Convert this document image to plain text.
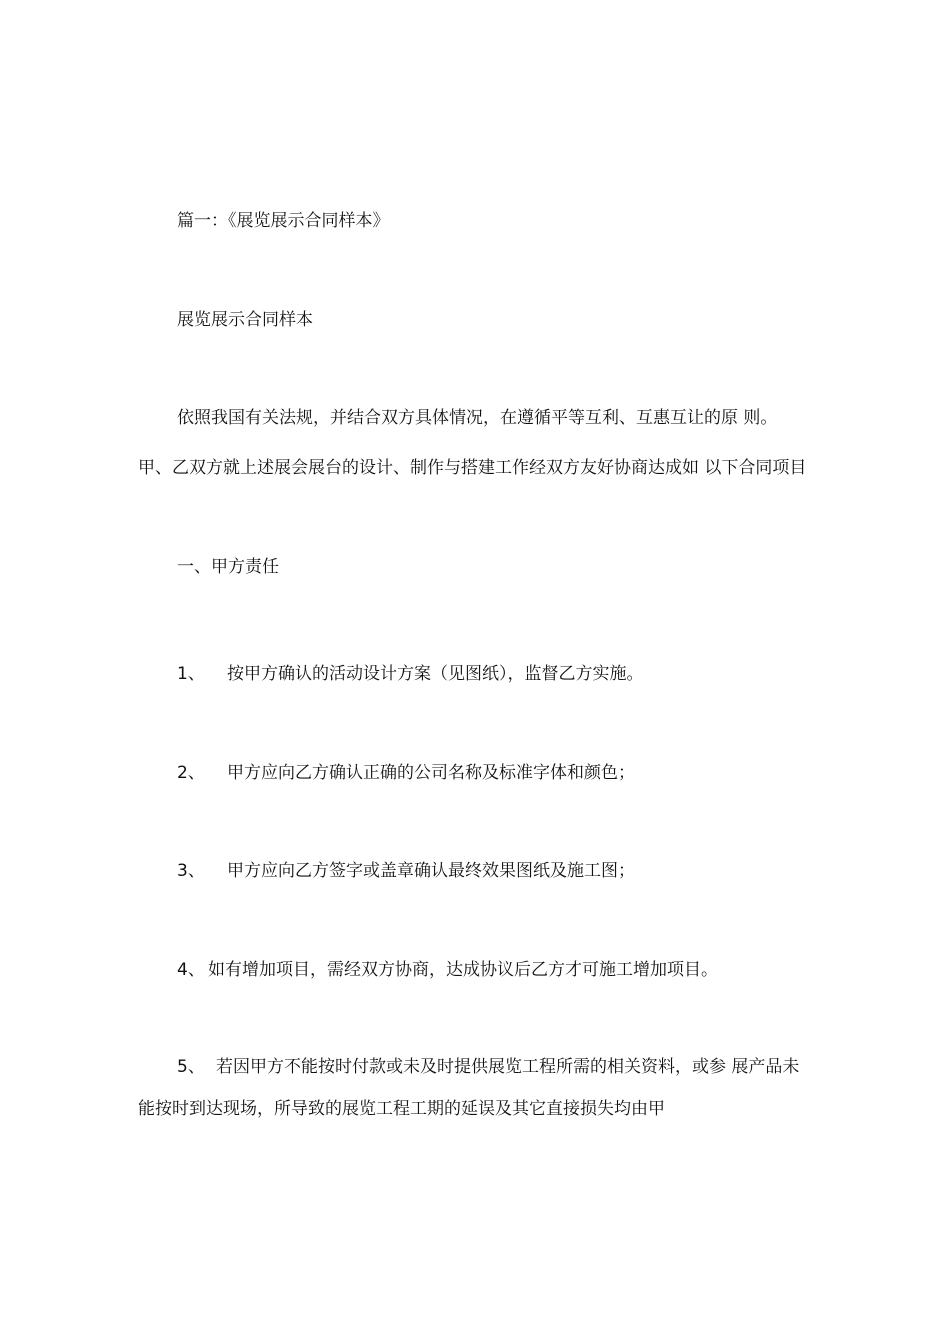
篇一：《展览展示合同样本》
展览展示合同样本
依照我国有关法规，并结合双方具体情况，在遵循平等互利、互惠互让的原 则。
甲、乙双方就上述展会展台的设计、制作与搭建工作经双方友好协商达成如 以下合同项目
一、甲方责任
1、 按甲方确认的活动设计方案（见图纸），监督乙方实施。
2、 甲方应向乙方确认正确的公司名称及标准字体和颜色；
3、 甲方应向乙方签字或盖章确认最终效果图纸及施工图；
4、 如有增加项目，需经双方协商，达成协议后乙方才可施工增加项目。
5、 若因甲方不能按时付款或未及时提供展览工程所需的相关资料，或参 展产品未
能按时到达现场，所导致的展览工程工期的延误及其它直接损失均由甲
